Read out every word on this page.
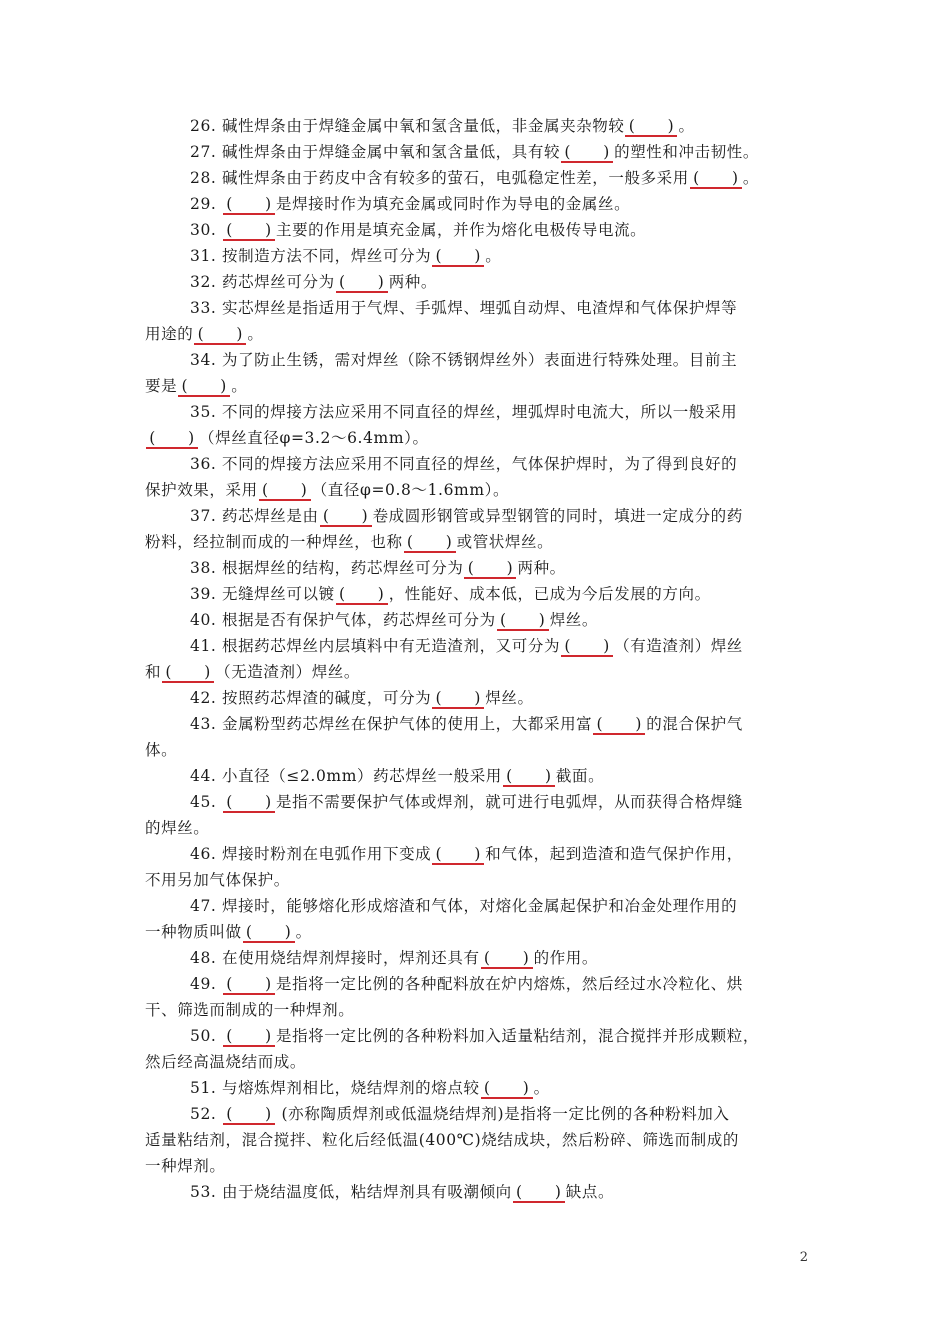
26. 碱性焊条由于焊缝金属中氧和氢含量低，非金属夹杂物较 (　　) 。
27. 碱性焊条由于焊缝金属中氧和氢含量低，具有较 (　　) 的塑性和冲击韧性。
28. 碱性焊条由于药皮中含有较多的萤石，电弧稳定性差，一般多采用 (　　) 。
29. (　　) 是焊接时作为填充金属或同时作为导电的金属丝。
30. (　　) 主要的作用是填充金属，并作为熔化电极传导电流。
31. 按制造方法不同，焊丝可分为 (　　) 。
32. 药芯焊丝可分为 (　　) 两种。
33. 实芯焊丝是指适用于气焊、手弧焊、埋弧自动焊、电渣焊和气体保护焊等
用途的 (　　) 。
34. 为了防止生锈，需对焊丝（除不锈钢焊丝外）表面进行特殊处理。目前主
要是 (　　) 。
35. 不同的焊接方法应采用不同直径的焊丝，埋弧焊时电流大，所以一般采用
(　　) （焊丝直径φ=3.2～6.4mm）。
36. 不同的焊接方法应采用不同直径的焊丝，气体保护焊时，为了得到良好的
保护效果，采用 (　　) （直径φ=0.8～1.6mm）。
37. 药芯焊丝是由 (　　) 卷成圆形钢管或异型钢管的同时，填进一定成分的药
粉料，经拉制而成的一种焊丝，也称 (　　) 或管状焊丝。
38. 根据焊丝的结构，药芯焊丝可分为 (　　) 两种。
39. 无缝焊丝可以镀 (　　) ，性能好、成本低，已成为今后发展的方向。
40. 根据是否有保护气体，药芯焊丝可分为 (　　) 焊丝。
41. 根据药芯焊丝内层填料中有无造渣剂，又可分为 (　　) （有造渣剂）焊丝
和 (　　) （无造渣剂）焊丝。
42. 按照药芯焊渣的碱度，可分为 (　　) 焊丝。
43. 金属粉型药芯焊丝在保护气体的使用上，大都采用富 (　　) 的混合保护气
体。
44. 小直径（≤2.0mm）药芯焊丝一般采用 (　　) 截面。
45. (　　) 是指不需要保护气体或焊剂，就可进行电弧焊，从而获得合格焊缝
的焊丝。
46. 焊接时粉剂在电弧作用下变成 (　　) 和气体，起到造渣和造气保护作用，
不用另加气体保护。
47. 焊接时，能够熔化形成熔渣和气体，对熔化金属起保护和冶金处理作用的
一种物质叫做 (　　) 。
48. 在使用烧结焊剂焊接时，焊剂还具有 (　　) 的作用。
49. (　　) 是指将一定比例的各种配料放在炉内熔炼，然后经过水冷粒化、烘
干、筛选而制成的一种焊剂。
50. (　　) 是指将一定比例的各种粉料加入适量粘结剂，混合搅拌并形成颗粒，
然后经高温烧结而成。
51. 与熔炼焊剂相比，烧结焊剂的熔点较 (　　) 。
52. (　　) (亦称陶质焊剂或低温烧结焊剂)是指将一定比例的各种粉料加入
适量粘结剂，混合搅拌、粒化后经低温(400℃)烧结成块，然后粉碎、筛选而制成的
一种焊剂。
53. 由于烧结温度低，粘结焊剂具有吸潮倾向 (　　) 缺点。
2
